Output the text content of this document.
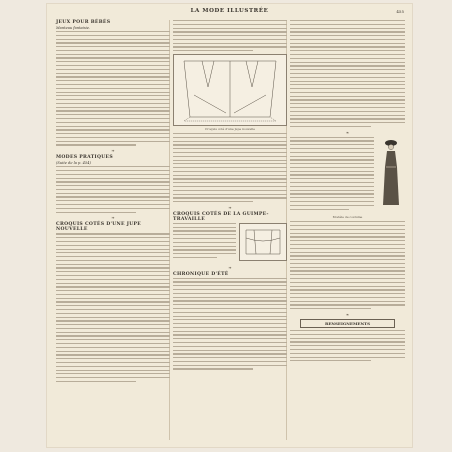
LA MODE ILLUSTRÉE	455
JEUX POUR BÉBÉS
Manteau fantaisie.
❧
MODES PRATIQUES
(Suite de la p. 454)
❧
CROQUIS COTÉS D'UNE JUPE NOUVELLE
Croquis coté d'une jupe nouvelle
❧
CROQUIS COTÉS DE LA GUIMPE-TRAVAILLE
❧
CHRONIQUE D'ÉTÉ
❧
Modèle de costume
❧
RENSEIGNEMENTS
